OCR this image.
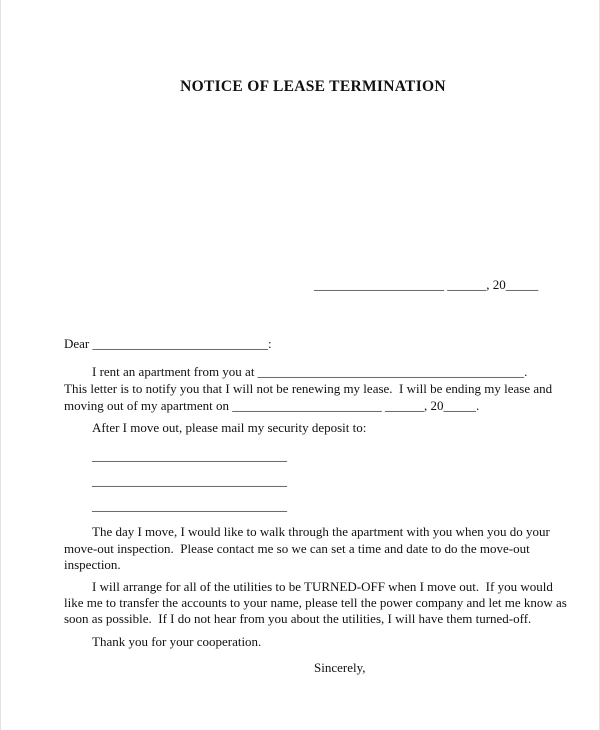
NOTICE OF LEASE TERMINATION
____________________ ______, 20_____
Dear ___________________________:
I rent an apartment from you at _________________________________________.
This letter is to notify you that I will not be renewing my lease.  I will be ending my lease and
moving out of my apartment on _______________________ ______, 20_____.
After I move out, please mail my security deposit to:
______________________________
______________________________
______________________________
The day I move, I would like to walk through the apartment with you when you do your
move-out inspection.  Please contact me so we can set a time and date to do the move-out
inspection.
I will arrange for all of the utilities to be TURNED-OFF when I move out.  If you would
like me to transfer the accounts to your name, please tell the power company and let me know as
soon as possible.  If I do not hear from you about the utilities, I will have them turned-off.
Thank you for your cooperation.
Sincerely,
